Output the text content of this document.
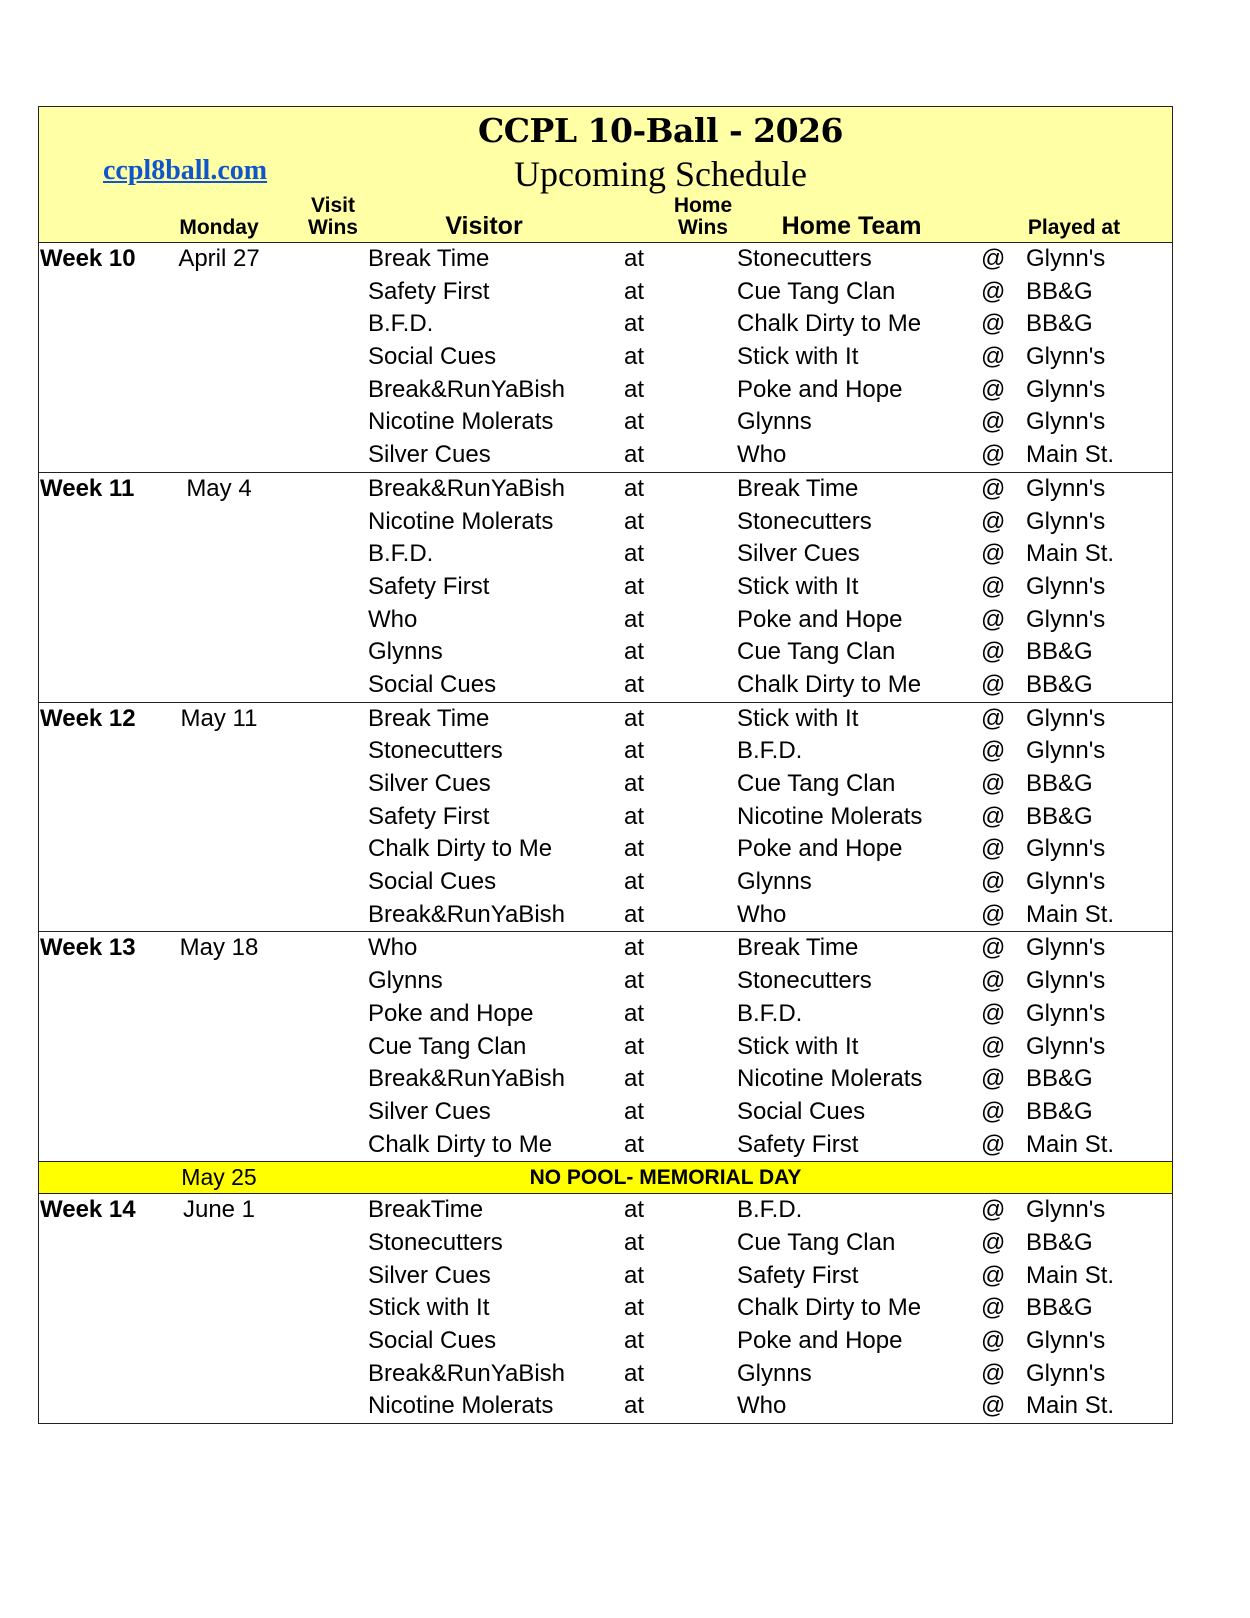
CCPL 10-Ball - 2026
Upcoming Schedule
ccpl8ball.com
Monday
Visit Wins	Visitor
Home Wins	Home Team	Played at
Week 10	April 27	Break Time	at	Stonecutters	@ Glynn's
Safety First	at	Cue Tang Clan	@ BB&G
B.F.D.	at	Chalk Dirty to Me @ BB&G
Social Cues	at	Stick with It	@ Glynn's
Break&RunYaBish at	Poke and Hope	@ Glynn's
Nicotine Molerats	at	Glynns	@ Glynn's
Silver Cues	at	Who	@ Main St.
Week 11	May 4	Break&RunYaBish at	Break Time	@ Glynn's
Nicotine Molerats	at	Stonecutters	@ Glynn's
B.F.D.	at	Silver Cues	@ Main St.
Safety First	at	Stick with It	@ Glynn's
Who	at	Poke and Hope	@ Glynn's
Glynns	at	Cue Tang Clan	@ BB&G
Social Cues	at	Chalk Dirty to Me @ BB&G
Week 12	May 11	Break Time	at	Stick with It	@ Glynn's
Stonecutters	at	B.F.D.	@ Glynn's
Silver Cues	at	Cue Tang Clan	@ BB&G
Safety First	at	Nicotine Molerats @ BB&G
Chalk Dirty to Me	at	Poke and Hope	@ Glynn's
Social Cues	at	Glynns	@ Glynn's
Break&RunYaBish at	Who	@ Main St.
Week 13	May 18	Who	at	Break Time	@ Glynn's
Glynns	at	Stonecutters	@ Glynn's
Poke and Hope	at	B.F.D.	@ Glynn's
Cue Tang Clan	at	Stick with It	@ Glynn's
Break&RunYaBish at	Nicotine Molerats @ BB&G
Silver Cues	at	Social Cues	@ BB&G
Chalk Dirty to Me	at	Safety First	@ Main St.
May 25	NO POOL- MEMORIAL DAY
Week 14	June 1	BreakTime	at	B.F.D.	@ Glynn's
Stonecutters	at	Cue Tang Clan	@ BB&G
Silver Cues	at	Safety First	@ Main St.
Stick with It	at	Chalk Dirty to Me @ BB&G
Social Cues	at	Poke and Hope	@ Glynn's
Break&RunYaBish at	Glynns	@ Glynn's
Nicotine Molerats	at	Who	@ Main St.
